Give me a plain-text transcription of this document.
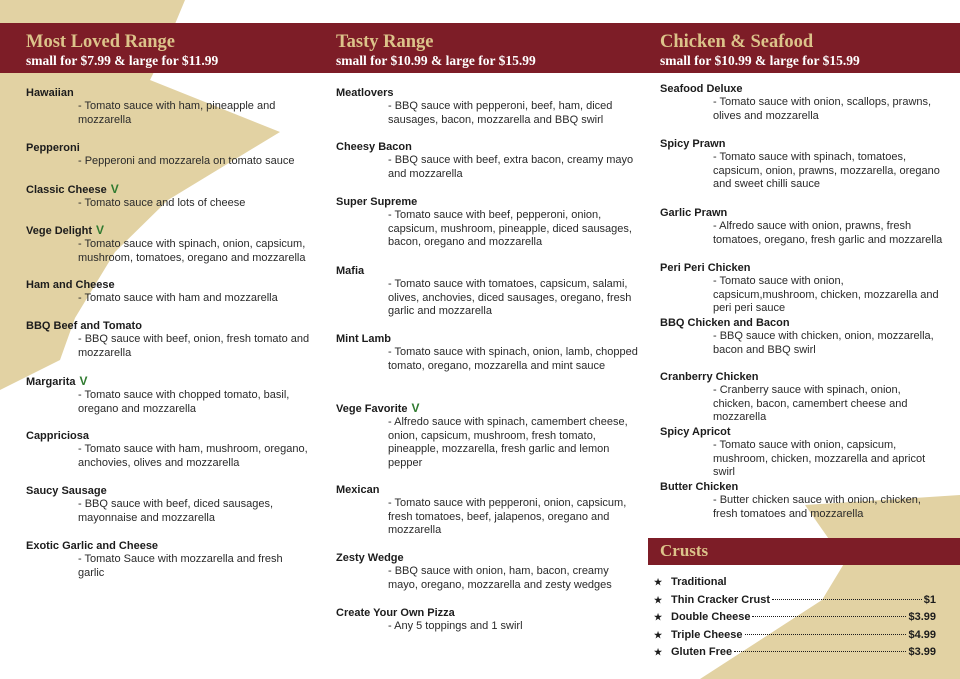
Most Loved Range
small for $7.99 & large for $11.99
Tasty Range
small for $10.99 & large for $15.99
Chicken & Seafood
small for $10.99 & large for $15.99
Hawaiian
- Tomato sauce with ham, pineapple and mozzarella
Pepperoni
- Pepperoni and mozzarela on tomato sauce
Classic Cheese V
- Tomato sauce and lots of cheese
Vege Delight V
- Tomato sauce with spinach, onion, capsicum, mushroom, tomatoes, oregano and mozzarella
Ham and Cheese
- Tomato sauce with ham and mozzarella
BBQ Beef and Tomato
- BBQ sauce with beef, onion, fresh tomato and mozzarella
Margarita V
- Tomato sauce with chopped tomato, basil, oregano and mozzarella
Cappriciosa
- Tomato sauce with ham, mushroom, oregano, anchovies, olives and mozzarella
Saucy Sausage
- BBQ sauce with beef, diced sausages, mayonnaise and mozzarella
Exotic Garlic and Cheese
- Tomato Sauce with mozzarella and fresh garlic
Meatlovers
- BBQ sauce with pepperoni, beef, ham, diced sausages, bacon, mozzarella and BBQ swirl
Cheesy Bacon
- BBQ sauce with beef, extra bacon, creamy mayo and mozzarella
Super Supreme
- Tomato sauce with beef, pepperoni, onion, capsicum, mushroom, pineapple, diced sausages, bacon, oregano and mozzarella
Mafia
- Tomato sauce with tomatoes, capsicum, salami, olives, anchovies, diced sausages, oregano, fresh garlic and mozzarella
Mint Lamb
- Tomato sauce with spinach, onion, lamb, chopped tomato, oregano, mozzarella and mint sauce
Vege Favorite V
- Alfredo sauce with spinach, camembert cheese, onion, capsicum, mushroom, fresh tomato, pineapple, mozzarella, fresh garlic and lemon pepper
Mexican
- Tomato sauce with pepperoni, onion, capsicum, fresh tomatoes, beef, jalapenos, oregano and mozzarella
Zesty Wedge
- BBQ sauce with onion, ham, bacon, creamy mayo, oregano, mozzarella and zesty wedges
Create Your Own Pizza
- Any 5 toppings and 1 swirl
Seafood Deluxe
- Tomato sauce with onion, scallops, prawns, olives and mozzarella
Spicy Prawn
- Tomato sauce with spinach, tomatoes, capsicum, onion, prawns, mozzarella, oregano and sweet chilli sauce
Garlic Prawn
- Alfredo sauce with onion, prawns, fresh tomatoes, oregano, fresh garlic and mozzarella
Peri Peri Chicken
- Tomato sauce with onion, capsicum,mushroom, chicken, mozzarella and peri peri sauce
BBQ Chicken and Bacon
- BBQ sauce with chicken, onion, mozzarella, bacon and BBQ swirl
Cranberry Chicken
- Cranberry sauce with spinach, onion, chicken, bacon, camembert cheese and mozzarella
Spicy Apricot
- Tomato sauce with onion, capsicum, mushroom, chicken, mozzarella and apricot swirl
Butter Chicken
- Butter chicken sauce with onion, chicken, fresh tomatoes and mozzarella
Crusts
★ Traditional
★ Thin Cracker Crust	$1
★ Double Cheese	$3.99
★ Triple Cheese	$4.99
★ Gluten Free	$3.99
